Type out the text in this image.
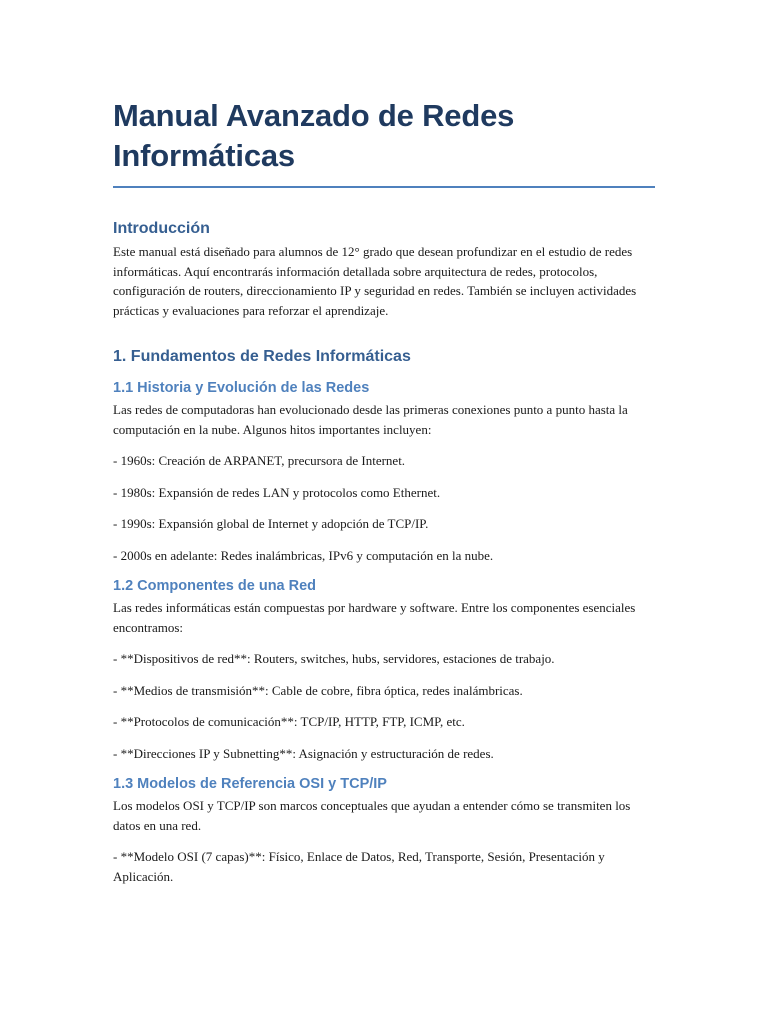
Manual Avanzado de Redes Informáticas
Introducción

Este manual está diseñado para alumnos de 12° grado que desean profundizar en el estudio de redes informáticas. Aquí encontrarás información detallada sobre arquitectura de redes, protocolos, configuración de routers, direccionamiento IP y seguridad en redes. También se incluyen actividades prácticas y evaluaciones para reforzar el aprendizaje.

1. Fundamentos de Redes Informáticas
1.1 Historia y Evolución de las Redes

Las redes de computadoras han evolucionado desde las primeras conexiones punto a punto hasta la computación en la nube. Algunos hitos importantes incluyen:

- 1960s: Creación de ARPANET, precursora de Internet.

- 1980s: Expansión de redes LAN y protocolos como Ethernet.

- 1990s: Expansión global de Internet y adopción de TCP/IP.

- 2000s en adelante: Redes inalámbricas, IPv6 y computación en la nube.

1.2 Componentes de una Red

Las redes informáticas están compuestas por hardware y software. Entre los componentes esenciales encontramos:

- **Dispositivos de red**: Routers, switches, hubs, servidores, estaciones de trabajo.

- **Medios de transmisión**: Cable de cobre, fibra óptica, redes inalámbricas.

- **Protocolos de comunicación**: TCP/IP, HTTP, FTP, ICMP, etc.

- **Direcciones IP y Subnetting**: Asignación y estructuración de redes.

1.3 Modelos de Referencia OSI y TCP/IP

Los modelos OSI y TCP/IP son marcos conceptuales que ayudan a entender cómo se transmiten los datos en una red.

- **Modelo OSI (7 capas)**: Físico, Enlace de Datos, Red, Transporte, Sesión, Presentación y Aplicación.
